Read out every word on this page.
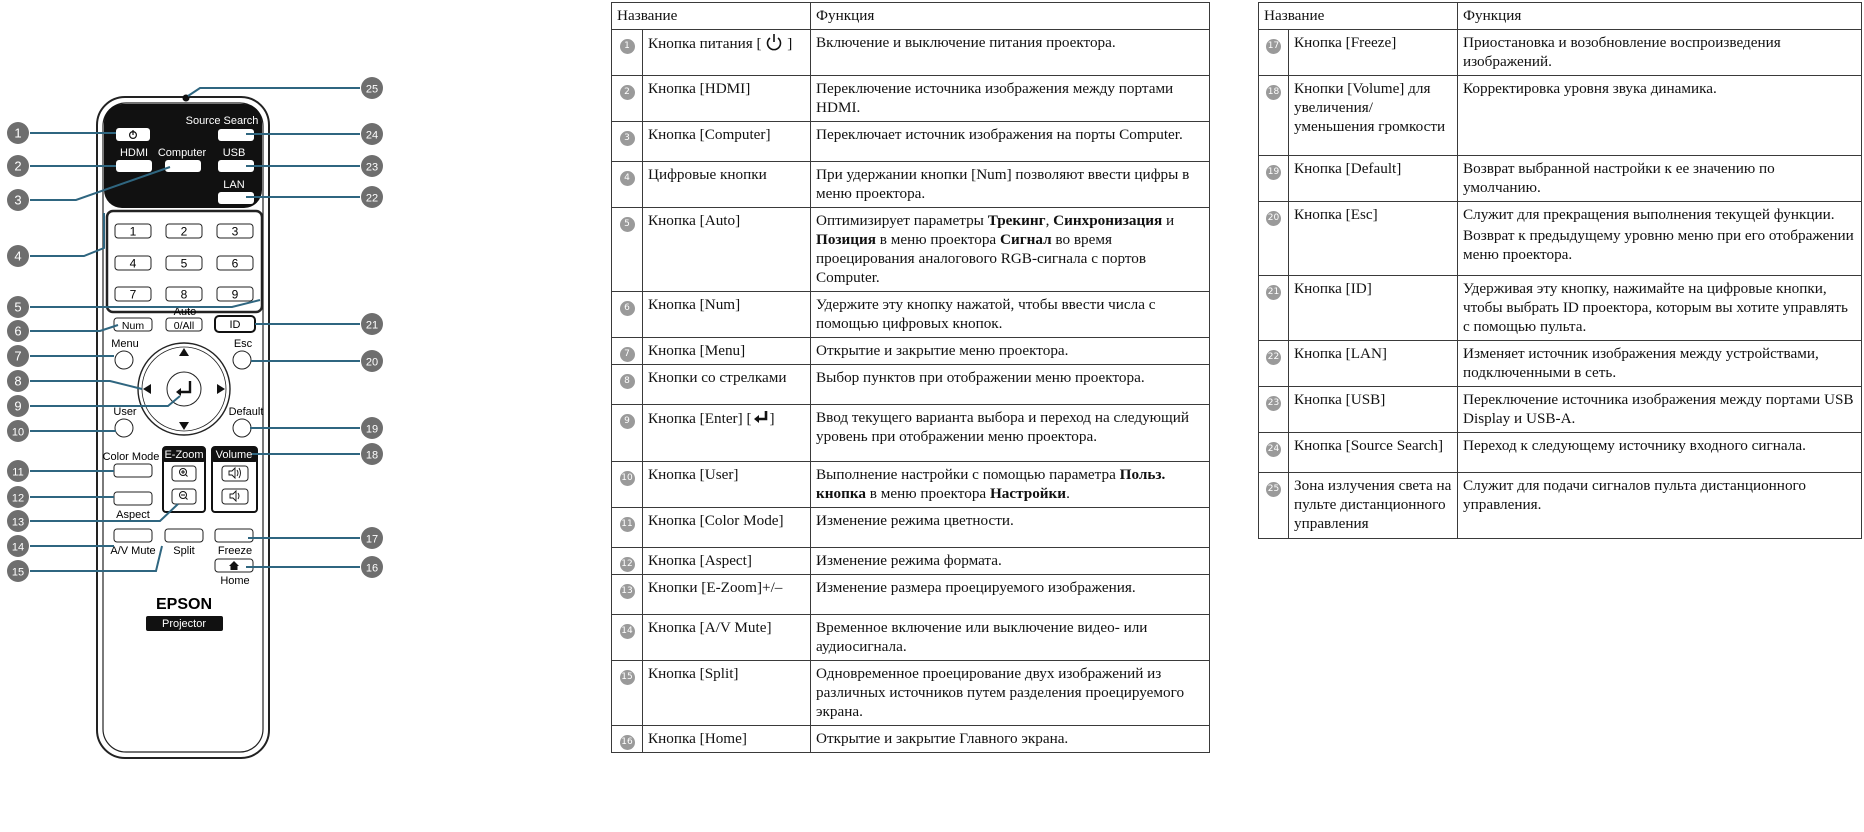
Source Search
HDMI Computer USB
LAN
1	2	3
4	5	6
7	8	9
Auto
0/All
Num	ID
Menu	Esc
User	Default
Color Mode
Aspect
E-Zoom Volume
A/V Mute Split Freeze
Home
EPSON
Projector
1
2
3
4
5
6
7
8
9
10
11
12
13
14
15	16
17
18
19
20
21
22
23
24
25
Название		Функция
1	Кнопка питания [  ]	Включение и выключение питания проектора.

2	Кнопка [HDMI]	Переключение источника изображения между портами HDMI.

3	Кнопка [Computer]	Переключает источник изображения на порты Computer.

4	Цифровые кнопки	При удержании кнопки [Num] позволяют ввести цифры в меню проектора.

5	Кнопка [Auto]	Оптимизирует параметры Трекинг, Синхронизация и Позиция в меню проектора Сигнал во время проецирования аналогового RGB-сигнала с портов Computer.

6	Кнопка [Num]	Удержите эту кнопку нажатой, чтобы ввести числа с помощью цифровых кнопок.

7	Кнопка [Menu]	Открытие и закрытие меню проектора.

8	Кнопки со стрелками	Выбор пунктов при отображении меню проектора.

9	Кнопка [Enter] [ ]	Ввод текущего варианта выбора и переход на следующий уровень при отображении меню проектора.

10	Кнопка [User]	Выполнение настройки с помощью параметра Польз. кнопка в меню проектора Настройки.

11	Кнопка [Color Mode]	Изменение режима цветности.

12	Кнопка [Aspect]	Изменение режима формата.

13	Кнопки [E-Zoom]+/–	Изменение размера проецируемого изображения.

14	Кнопка [A/V Mute]	Временное включение или выключение видео- или аудиосигнала.

15	Кнопка [Split]	Одновременное проецирование двух изображений из различных источников путем разделения проецируемого экрана.

16	Кнопка [Home]	Открытие и закрытие Главного экрана.
Название		Функция
17	Кнопка [Freeze]	Приостановка и возобновление воспроизведения изображений.

18	Кнопки [Volume] для увеличения/уменьшения громкости	Корректировка уровня звука динамика.

19	Кнопка [Default]	Возврат выбранной настройки к ее значению по умолчанию.

20	Кнопка [Esc]	Служит для прекращения выполнения текущей функции.
Возврат к предыдущему уровню меню при его отображении меню проектора.

21	Кнопка [ID]	Удерживая эту кнопку, нажимайте на цифровые кнопки, чтобы выбрать ID проектора, которым вы хотите управлять с помощью пульта.

22	Кнопка [LAN]	Изменяет источник изображения между устройствами, подключенными в сеть.

23	Кнопка [USB]	Переключение источника изображения между портами USB Display и USB-A.

24	Кнопка [Source Search]	Переход к следующему источнику входного сигнала.

25	Зона излучения света на пульте дистанционного управления	Служит для подачи сигналов пульта дистанционного управления.
